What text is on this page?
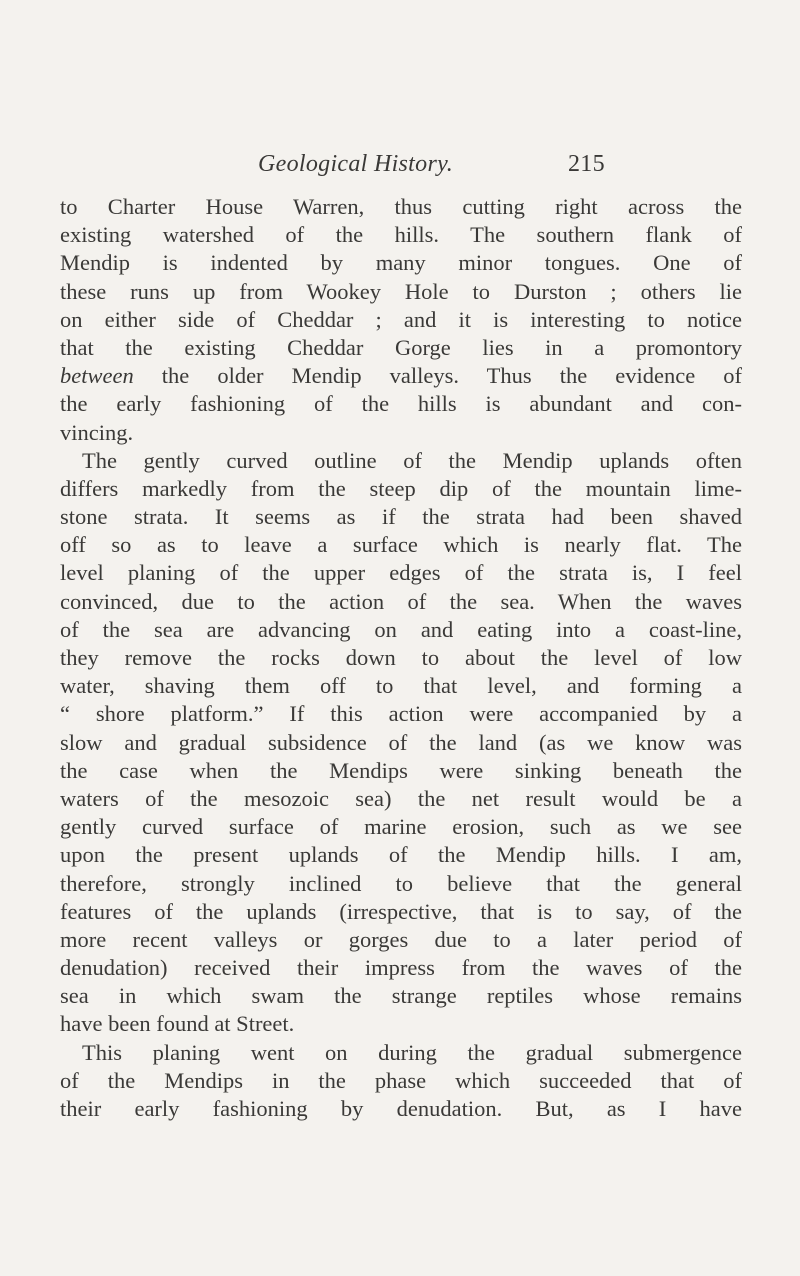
Geological History.	215
to Charter House Warren, thus cutting right across the
existing watershed of the hills. The southern flank of
Mendip is indented by many minor tongues. One of
these runs up from Wookey Hole to Durston ; others lie
on either side of Cheddar ; and it is interesting to notice
that the existing Cheddar Gorge lies in a promontory
between the older Mendip valleys. Thus the evidence of
the early fashioning of the hills is abundant and con-
vincing.
The gently curved outline of the Mendip uplands often
differs markedly from the steep dip of the mountain lime-
stone strata. It seems as if the strata had been shaved
off so as to leave a surface which is nearly flat. The
level planing of the upper edges of the strata is, I feel
convinced, due to the action of the sea. When the waves
of the sea are advancing on and eating into a coast-line,
they remove the rocks down to about the level of low
water, shaving them off to that level, and forming a
“ shore platform.” If this action were accompanied by a
slow and gradual subsidence of the land (as we know was
the case when the Mendips were sinking beneath the
waters of the mesozoic sea) the net result would be a
gently curved surface of marine erosion, such as we see
upon the present uplands of the Mendip hills. I am,
therefore, strongly inclined to believe that the general
features of the uplands (irrespective, that is to say, of the
more recent valleys or gorges due to a later period of
denudation) received their impress from the waves of the
sea in which swam the strange reptiles whose remains
have been found at Street.
This planing went on during the gradual submergence
of the Mendips in the phase which succeeded that of
their early fashioning by denudation. But, as I have
